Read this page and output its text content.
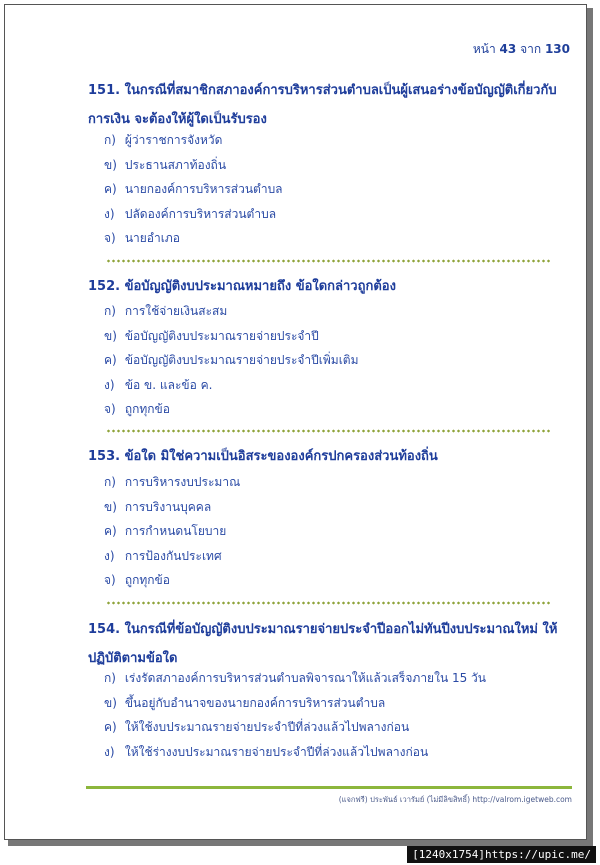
หน้า 43 จาก 130
151. ในกรณีที่สมาชิกสภาองค์การบริหารส่วนตำบลเป็นผู้เสนอร่างข้อบัญญัติเกี่ยวกับการเงิน จะต้องให้ผู้ใดเป็นรับรอง
ก) ผู้ว่าราชการจังหวัด
ข) ประธานสภาท้องถิ่น
ค) นายกองค์การบริหารส่วนตำบล
ง) ปลัดองค์การบริหารส่วนตำบล
จ) นายอำเภอ
152. ข้อบัญญัติงบประมาณหมายถึง ข้อใดกล่าวถูกต้อง
ก) การใช้จ่ายเงินสะสม
ข) ข้อบัญญัติงบประมาณรายจ่ายประจำปี
ค) ข้อบัญญัติงบประมาณรายจ่ายประจำปีเพิ่มเติม
ง) ข้อ ข. และข้อ ค.
จ) ถูกทุกข้อ
153. ข้อใด มิใช่ความเป็นอิสระขององค์กรปกครองส่วนท้องถิ่น
ก) การบริหารงบประมาณ
ข) การบริงานบุคคล
ค) การกำหนดนโยบาย
ง) การป้องกันประเทศ
จ) ถูกทุกข้อ
154. ในกรณีที่ข้อบัญญัติงบประมาณรายจ่ายประจำปีออกไม่ทันปีงบประมาณใหม่ ให้ปฏิบัติตามข้อใด
ก) เร่งรัดสภาองค์การบริหารส่วนตำบลพิจารณาให้แล้วเสร็จภายใน 15 วัน
ข) ขึ้นอยู่กับอำนาจของนายกองค์การบริหารส่วนตำบล
ค) ให้ใช้งบประมาณรายจ่ายประจำปีที่ล่วงแล้วไปพลางก่อน
ง) ให้ใช้ร่างงบประมาณรายจ่ายประจำปีที่ล่วงแล้วไปพลางก่อน
(แจกฟรี) ประพันธ์ เวารัมย์ (ไม่มีลิขสิทธิ์) http://valrom.igetweb.com
[1240x1754]https://upic.me/
